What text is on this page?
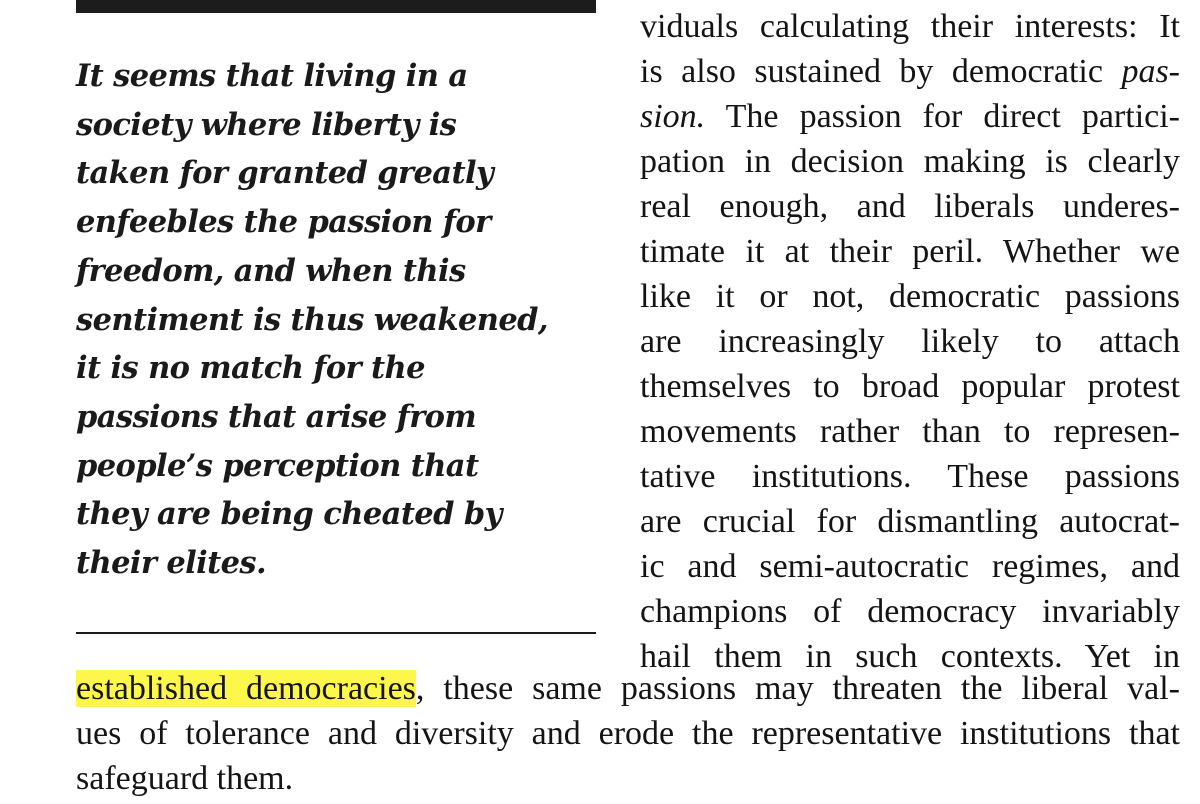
It seems that living in a
society where liberty is
taken for granted greatly
enfeebles the passion for
freedom, and when this
sentiment is thus weakened,
it is no match for the
passions that arise from
people’s perception that
they are being cheated by
their elites.

viduals calculating their interests: It
is also sustained by democratic pas-
sion. The passion for direct partici-
pation in decision making is clearly
real enough, and liberals underes-
timate it at their peril. Whether we
like it or not, democratic passions
are increasingly likely to attach
themselves to broad popular protest
movements rather than to represen-
tative institutions. These passions
are crucial for dismantling autocrat-
ic and semi-autocratic regimes, and
champions of democracy invariably
hail them in such contexts. Yet in
established democracies, these same passions may threaten the liberal val-
ues of tolerance and diversity and erode the representative institutions that
safeguard them.
